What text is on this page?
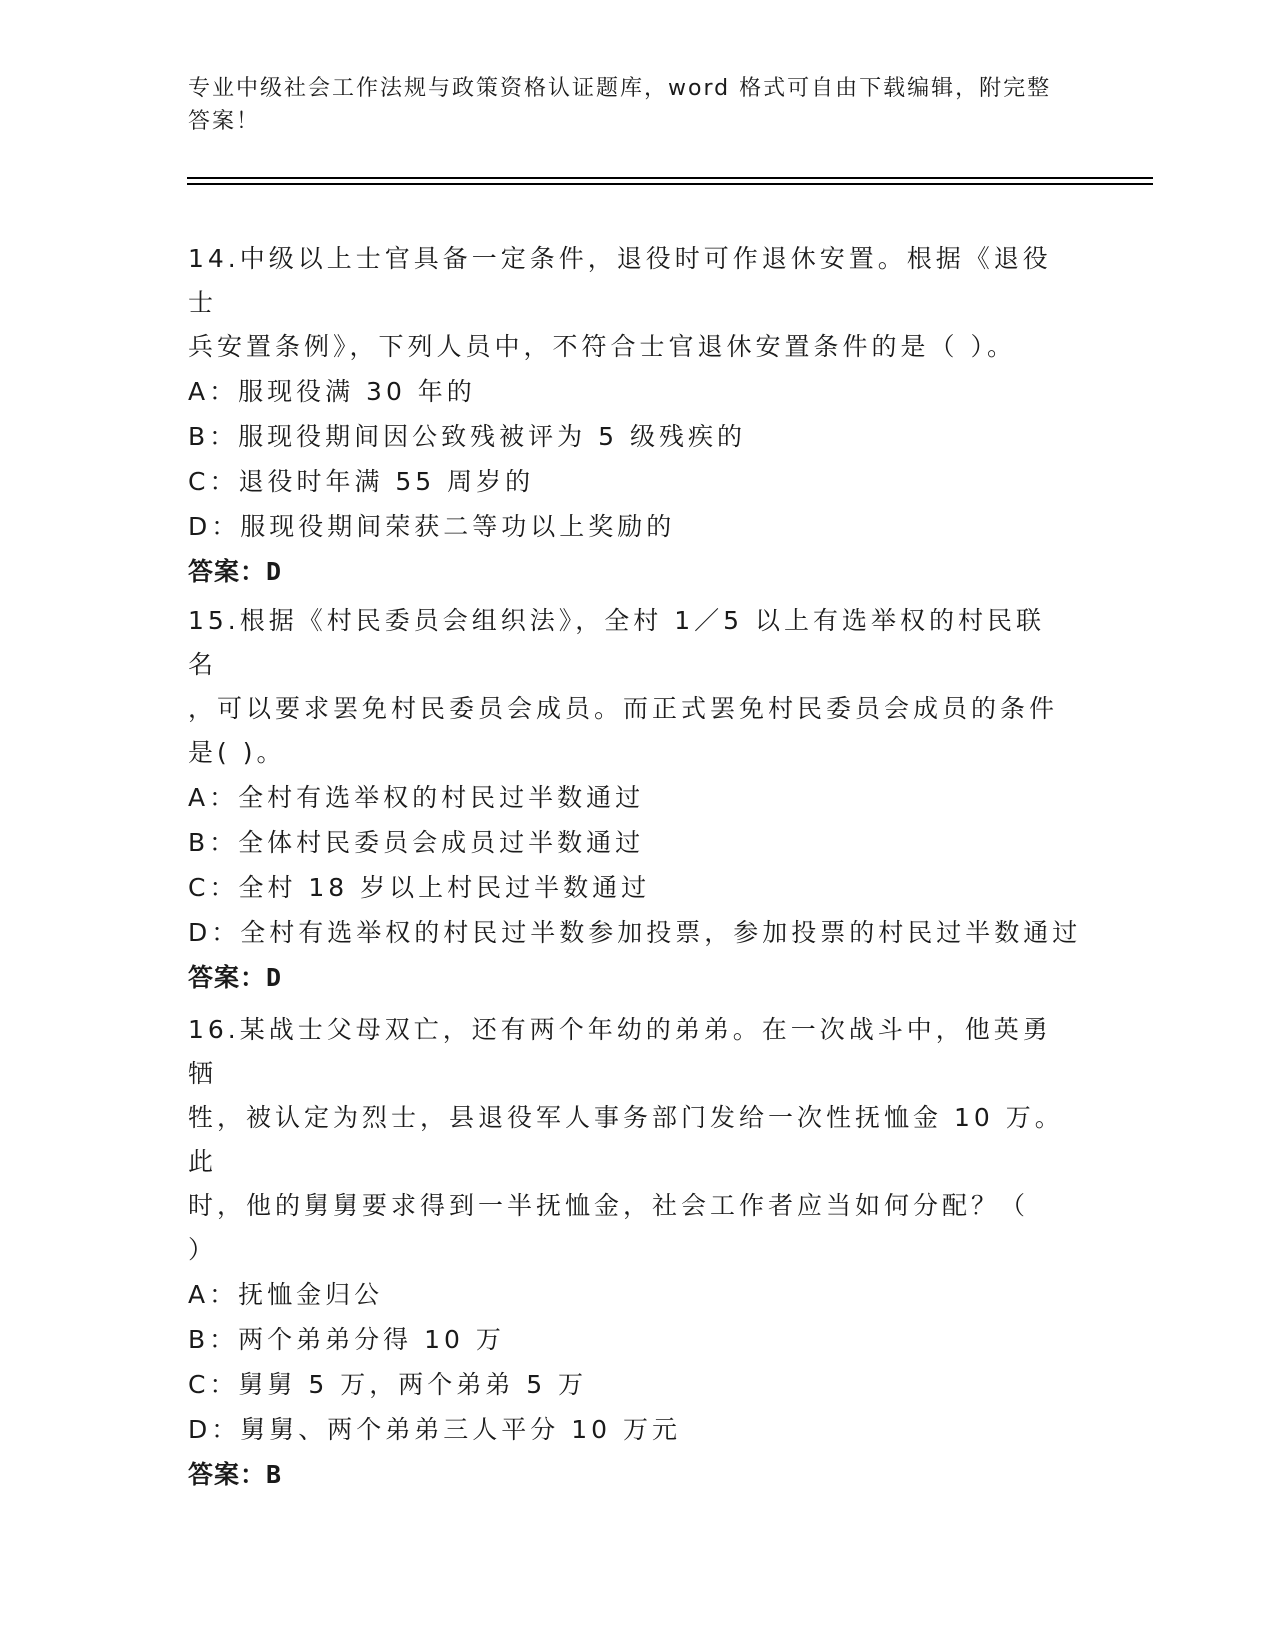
专业中级社会工作法规与政策资格认证题库，word 格式可自由下载编辑，附完整
答案！
14.中级以上士官具备一定条件，退役时可作退休安置。根据《退役士
兵安置条例》，下列人员中，不符合士官退休安置条件的是（ ）。
A：服现役满 30 年的
B：服现役期间因公致残被评为 5 级残疾的
C：退役时年满 55 周岁的
D：服现役期间荣获二等功以上奖励的
答案：D
15.根据《村民委员会组织法》，全村 1／5 以上有选举权的村民联名
，可以要求罢免村民委员会成员。而正式罢免村民委员会成员的条件
是( )。
A：全村有选举权的村民过半数通过
B：全体村民委员会成员过半数通过
C：全村 18 岁以上村民过半数通过
D：全村有选举权的村民过半数参加投票，参加投票的村民过半数通过
答案：D
16.某战士父母双亡，还有两个年幼的弟弟。在一次战斗中，他英勇牺
牲，被认定为烈士，县退役军人事务部门发给一次性抚恤金 10 万。此
时，他的舅舅要求得到一半抚恤金，社会工作者应当如何分配？（
）
A：抚恤金归公
B：两个弟弟分得 10 万
C：舅舅 5 万，两个弟弟 5 万
D：舅舅、两个弟弟三人平分 10 万元
答案：B
